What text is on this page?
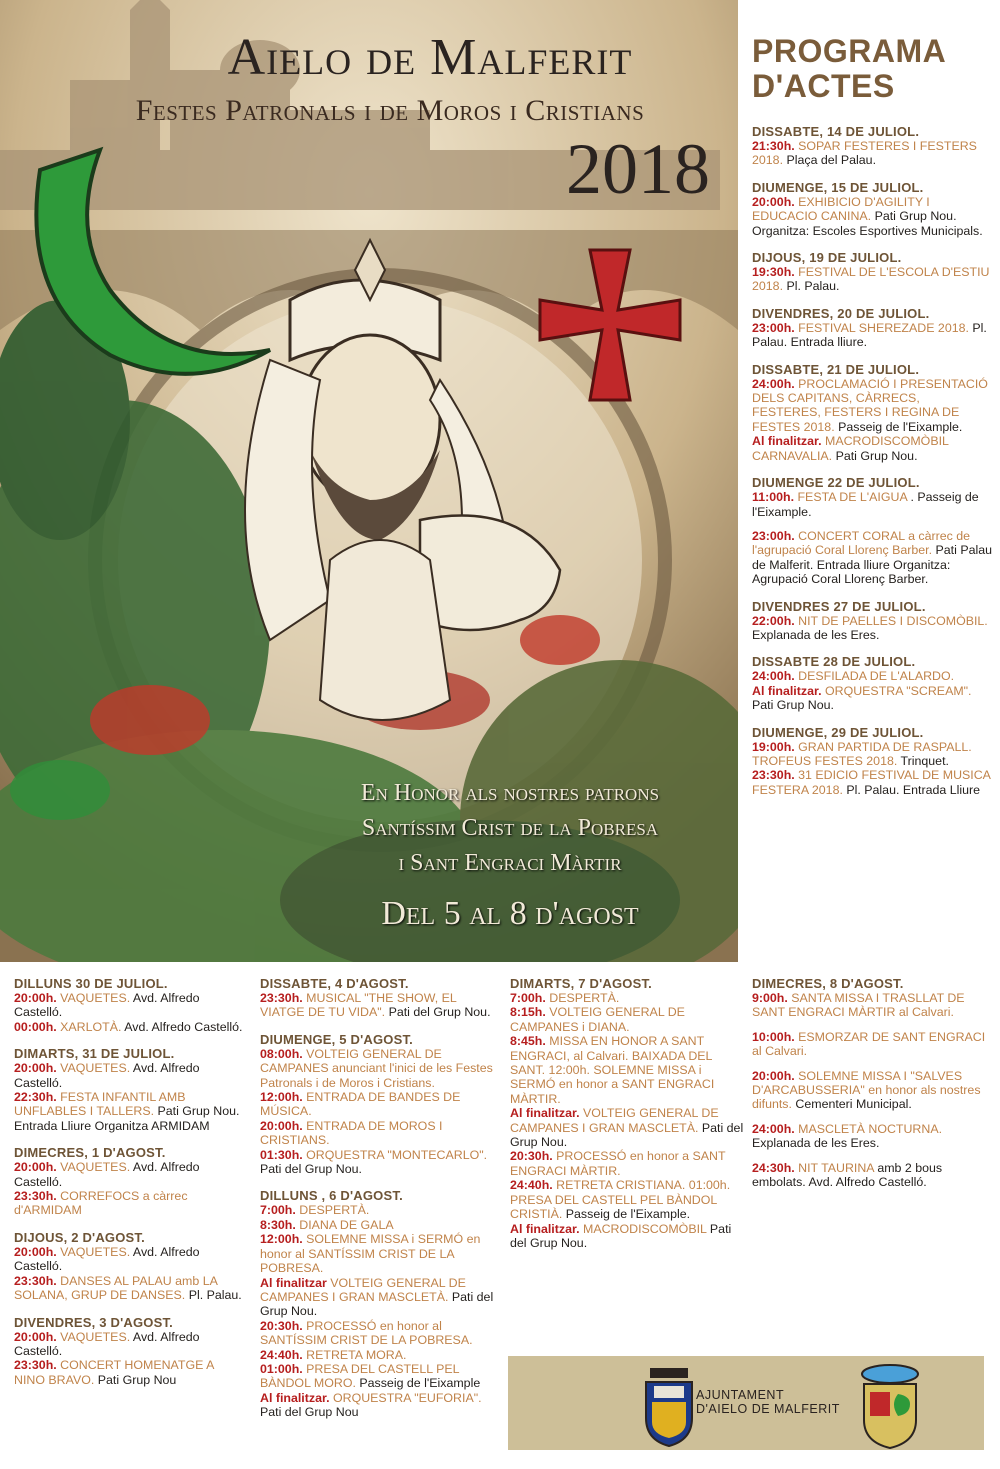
Aielo de Malferit
Festes Patronals i de Moros i Cristians
2018
En Honor als nostres patrons
Santíssim Crist de la Pobresa
i Sant Engraci Màrtir
Del 5 al 8 d'agost
PROGRAMA
D'ACTES
DISSABTE, 14 DE JULIOL.
21:30h. SOPAR FESTERES I FESTERS 2018. Plaça del Palau.
DIUMENGE, 15 DE JULIOL.
20:00h. EXHIBICIO D'AGILITY I EDUCACIO CANINA. Pati Grup Nou.
Organitza: Escoles Esportives Municipals.
DIJOUS, 19 DE JULIOL.
19:30h. FESTIVAL DE L'ESCOLA D'ESTIU 2018. Pl. Palau.
DIVENDRES, 20 DE JULIOL.
23:00h. FESTIVAL SHEREZADE 2018. Pl. Palau. Entrada lliure.
DISSABTE, 21 DE JULIOL.
24:00h. PROCLAMACIÓ I PRESENTACIÓ DELS CAPITANS, CÀRRECS, FESTERES, FESTERS I REGINA DE FESTES 2018. Passeig de l'Eixample.
Al finalitzar. MACRODISCOMÒBIL CARNAVALIA. Pati Grup Nou.
DIUMENGE 22 DE JULIOL.
11:00h. FESTA DE L'AIGUA . Passeig de l'Eixample.
23:00h. CONCERT CORAL a càrrec de l'agrupació Coral Llorenç Barber. Pati Palau de Malferit. Entrada lliure Organitza: Agrupació Coral Llorenç Barber.
DIVENDRES 27 DE JULIOL.
22:00h. NIT DE PAELLES I DISCOMÒBIL. Explanada de les Eres.
DISSABTE 28 DE JULIOL.
24:00h. DESFILADA DE L'ALARDO.
Al finalitzar. ORQUESTRA "SCREAM". Pati Grup Nou.
DIUMENGE, 29 DE JULIOL.
19:00h. GRAN PARTIDA DE RASPALL. TROFEUS FESTES 2018. Trinquet.
23:30h. 31 EDICIO FESTIVAL DE MUSICA FESTERA 2018. Pl. Palau. Entrada Lliure
DILLUNS 30 DE JULIOL.
20:00h. VAQUETES. Avd. Alfredo Castelló.
00:00h. XARLOTÀ. Avd. Alfredo Castelló.
DIMARTS, 31 DE JULIOL.
20:00h. VAQUETES. Avd. Alfredo Castelló.
22:30h. FESTA INFANTIL AMB UNFLABLES I TALLERS. Pati Grup Nou. Entrada Lliure Organitza ARMIDAM
DIMECRES, 1 D'AGOST.
20:00h. VAQUETES. Avd. Alfredo Castelló.
23:30h. CORREFOCS a càrrec d'ARMIDAM
DIJOUS, 2 D'AGOST.
20:00h. VAQUETES. Avd. Alfredo Castelló.
23:30h. DANSES AL PALAU amb LA SOLANA, GRUP DE DANSES. Pl. Palau.
DIVENDRES, 3 D'AGOST.
20:00h. VAQUETES. Avd. Alfredo Castelló.
23:30h. CONCERT HOMENATGE A NINO BRAVO. Pati Grup Nou
DISSABTE, 4 D'AGOST.
23:30h. MUSICAL "THE SHOW, EL VIATGE DE TU VIDA". Pati del Grup Nou.
DIUMENGE, 5 D'AGOST.
08:00h. VOLTEIG GENERAL DE CAMPANES anunciant l'inici de les Festes Patronals i de Moros i Cristians.
12:00h. ENTRADA DE BANDES DE MÚSICA.
20:00h. ENTRADA DE MOROS I CRISTIANS.
01:30h. ORQUESTRA "MONTECARLO". Pati del Grup Nou.
DILLUNS , 6 D'AGOST.
7:00h. DESPERTÀ.
8:30h. DIANA DE GALA
12:00h. SOLEMNE MISSA i SERMÓ en honor al SANTÍSSIM CRIST DE LA POBRESA.
Al finalitzar VOLTEIG GENERAL DE CAMPANES I GRAN MASCLETÀ. Pati del Grup Nou.
20:30h. PROCESSÓ en honor al SANTÍSSIM CRIST DE LA POBRESA.
24:40h. RETRETA MORA.
01:00h. PRESA DEL CASTELL PEL BÀNDOL MORO. Passeig de l'Eixample
Al finalitzar. ORQUESTRA "EUFORIA". Pati del Grup Nou
DIMARTS, 7 D'AGOST.
7:00h. DESPERTÀ.
8:15h. VOLTEIG GENERAL DE CAMPANES i DIANA.
8:45h. MISSA EN HONOR A SANT ENGRACI, al Calvari. BAIXADA DEL SANT. 12:00h. SOLEMNE MISSA i SERMÓ en honor a SANT ENGRACI MÀRTIR.
Al finalitzar. VOLTEIG GENERAL DE CAMPANES I GRAN MASCLETÀ. Pati del Grup Nou.
20:30h. PROCESSÓ en honor a SANT ENGRACI MÀRTIR.
24:40h. RETRETA CRISTIANA. 01:00h. PRESA DEL CASTELL PEL BÀNDOL CRISTIÀ. Passeig de l'Eixample.
Al finalitzar. MACRODISCOMÒBIL Pati del Grup Nou.
DIMECRES, 8 D'AGOST.
9:00h. SANTA MISSA I TRASLLAT DE SANT ENGRACI MÀRTIR al Calvari.
10:00h. ESMORZAR DE SANT ENGRACI al Calvari.
20:00h. SOLEMNE MISSA I "SALVES D'ARCABUSSERIA" en honor als nostres difunts. Cementeri Municipal.
24:00h. MASCLETÀ NOCTURNA. Explanada de les Eres.
24:30h. NIT TAURINA amb 2 bous embolats. Avd. Alfredo Castelló.
AJUNTAMENT
D'AIELO DE MALFERIT
